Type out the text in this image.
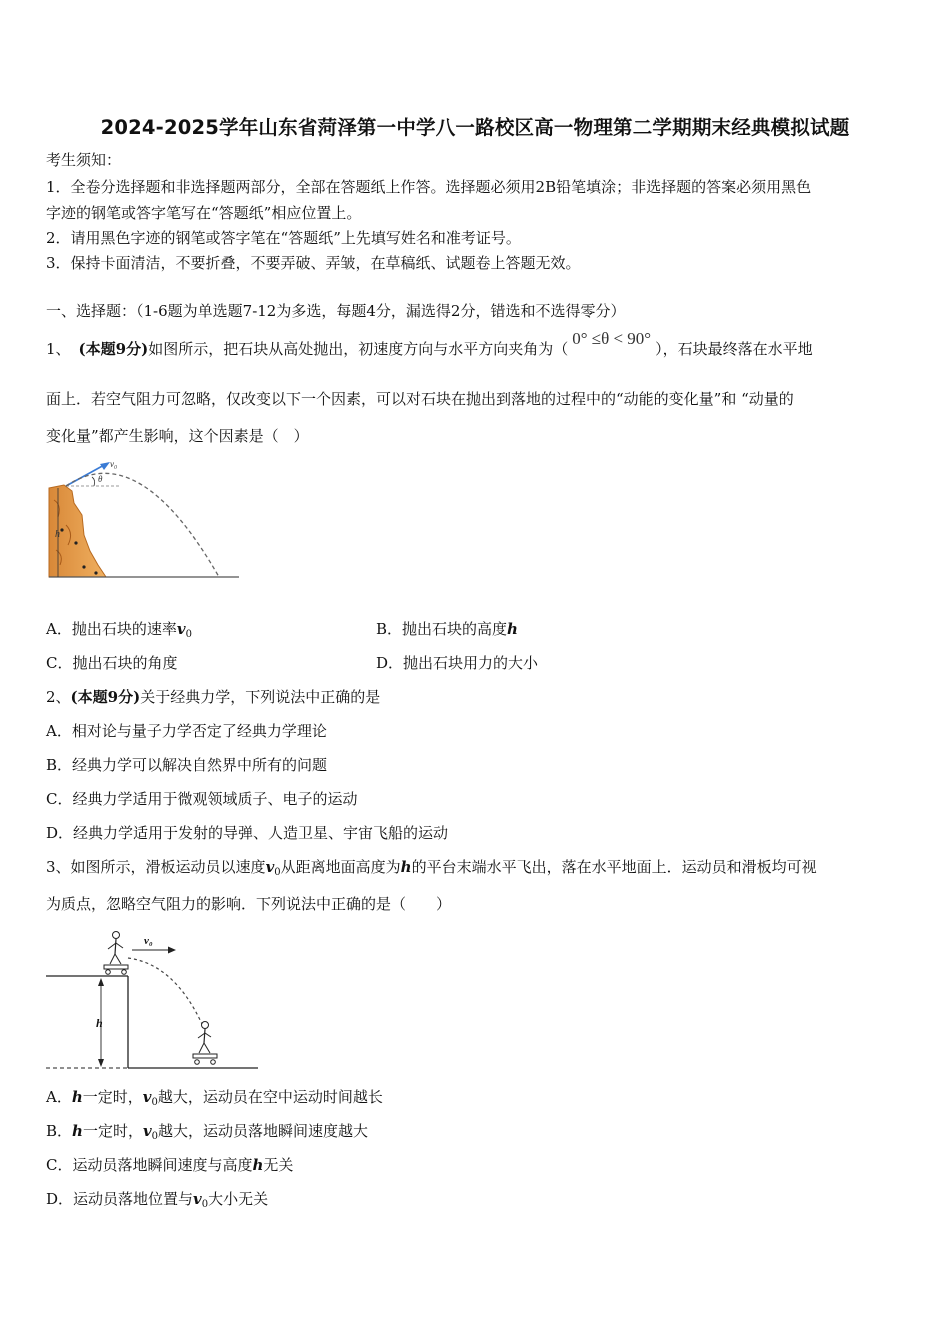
2024-2025学年山东省菏泽第一中学八一路校区高一物理第二学期期末经典模拟试题
考生须知：
1．全卷分选择题和非选择题两部分，全部在答题纸上作答。选择题必须用2B铅笔填涂；非选择题的答案必须用黑色
字迹的钢笔或答字笔写在“答题纸”相应位置上。
2．请用黑色字迹的钢笔或答字笔在“答题纸”上先填写姓名和准考证号。
3．保持卡面清洁，不要折叠，不要弄破、弄皱，在草稿纸、试题卷上答题无效。
一、选择题：（1-6题为单选题7-12为多选，每题4分，漏选得2分，错选和不选得零分）
1、 (本题9分)如图所示，把石块从高处抛出，初速度方向与水平方向夹角为（0° ≤θ < 90°），石块最终落在水平地
面上．若空气阻力可忽略，仅改变以下一个因素，可以对石块在抛出到落地的过程中的“动能的变化量”和 “动量的
变化量”都产生影响，这个因素是（　）
h
θ
v₀
A．抛出石块的速率$v_0$	B．抛出石块的高度h
C．抛出石块的角度	D．抛出石块用力的大小
2、(本题9分)关于经典力学，下列说法中正确的是
A．相对论与量子力学否定了经典力学理论
B．经典力学可以解决自然界中所有的问题
C．经典力学适用于微观领域质子、电子的运动
D．经典力学适用于发射的导弹、人造卫星、宇宙飞船的运动
3、如图所示，滑板运动员以速度$v_0$从距离地面高度为h的平台末端水平飞出，落在水平地面上．运动员和滑板均可视
为质点，忽略空气阻力的影响．下列说法中正确的是（　　）
h
v₀
A．h一定时，$v_0$越大，运动员在空中运动时间越长
B．h一定时，$v_0$越大，运动员落地瞬间速度越大
C．运动员落地瞬间速度与高度h无关
D．运动员落地位置与$v_0$大小无关
